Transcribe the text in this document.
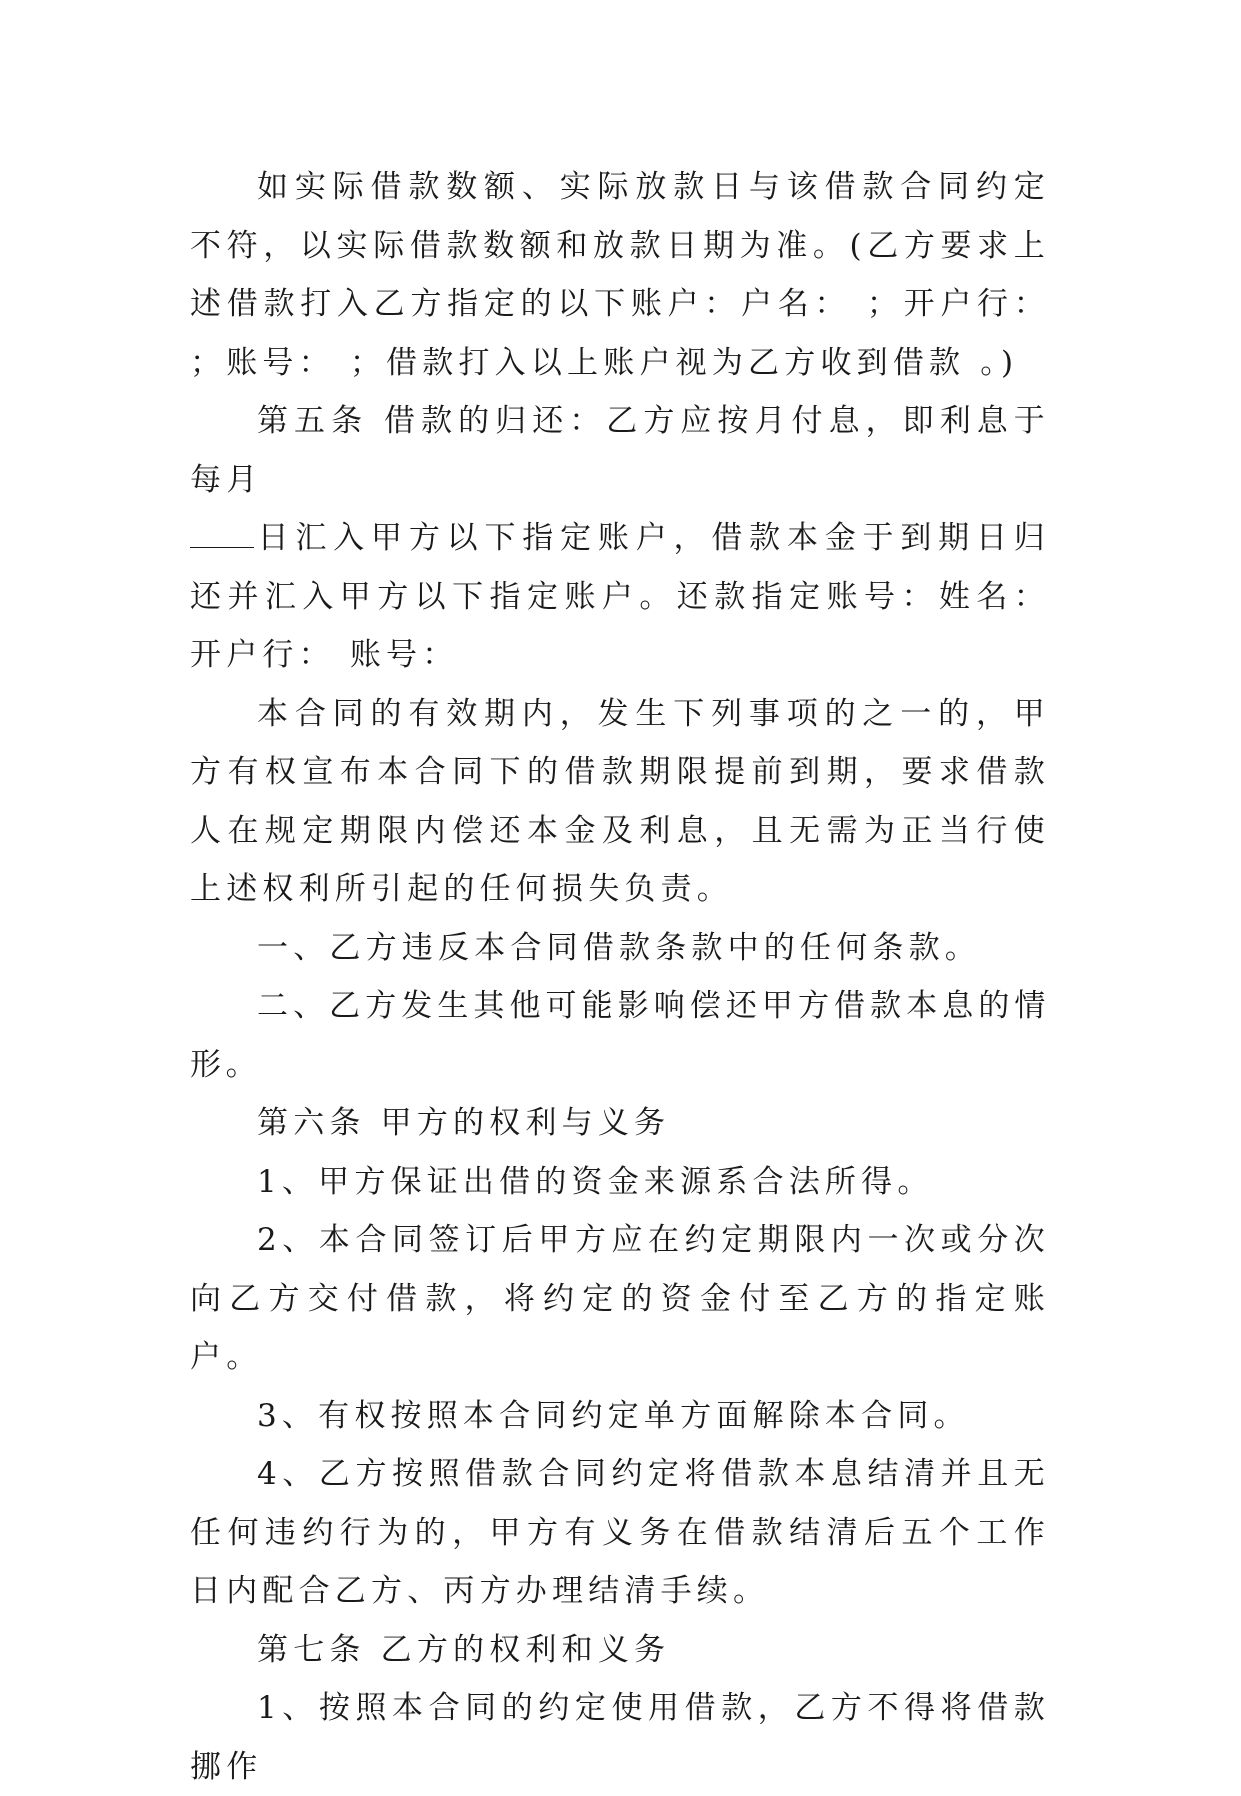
如实际借款数额、实际放款日与该借款合同约定不符，以实际借款数额和放款日期为准。(乙方要求上述借款打入乙方指定的以下账户：户名： ；开户行： ；账号： ；借款打入以上账户视为乙方收到借款 。)

第五条 借款的归还：乙方应按月付息，即利息于每月

日汇入甲方以下指定账户，借款本金于到期日归还并汇入甲方以下指定账户。还款指定账号：姓名： 开户行： 账号：

本合同的有效期内，发生下列事项的之一的，甲方有权宣布本合同下的借款期限提前到期，要求借款人在规定期限内偿还本金及利息，且无需为正当行使上述权利所引起的任何损失负责。

一、乙方违反本合同借款条款中的任何条款。

二、乙方发生其他可能影响偿还甲方借款本息的情形。

第六条 甲方的权利与义务

1、甲方保证出借的资金来源系合法所得。

2、本合同签订后甲方应在约定期限内一次或分次向乙方交付借款，将约定的资金付至乙方的指定账户。

3、有权按照本合同约定单方面解除本合同。

4、乙方按照借款合同约定将借款本息结清并且无任何违约行为的，甲方有义务在借款结清后五个工作日内配合乙方、丙方办理结清手续。

第七条 乙方的权利和义务

1、按照本合同的约定使用借款，乙方不得将借款挪作
